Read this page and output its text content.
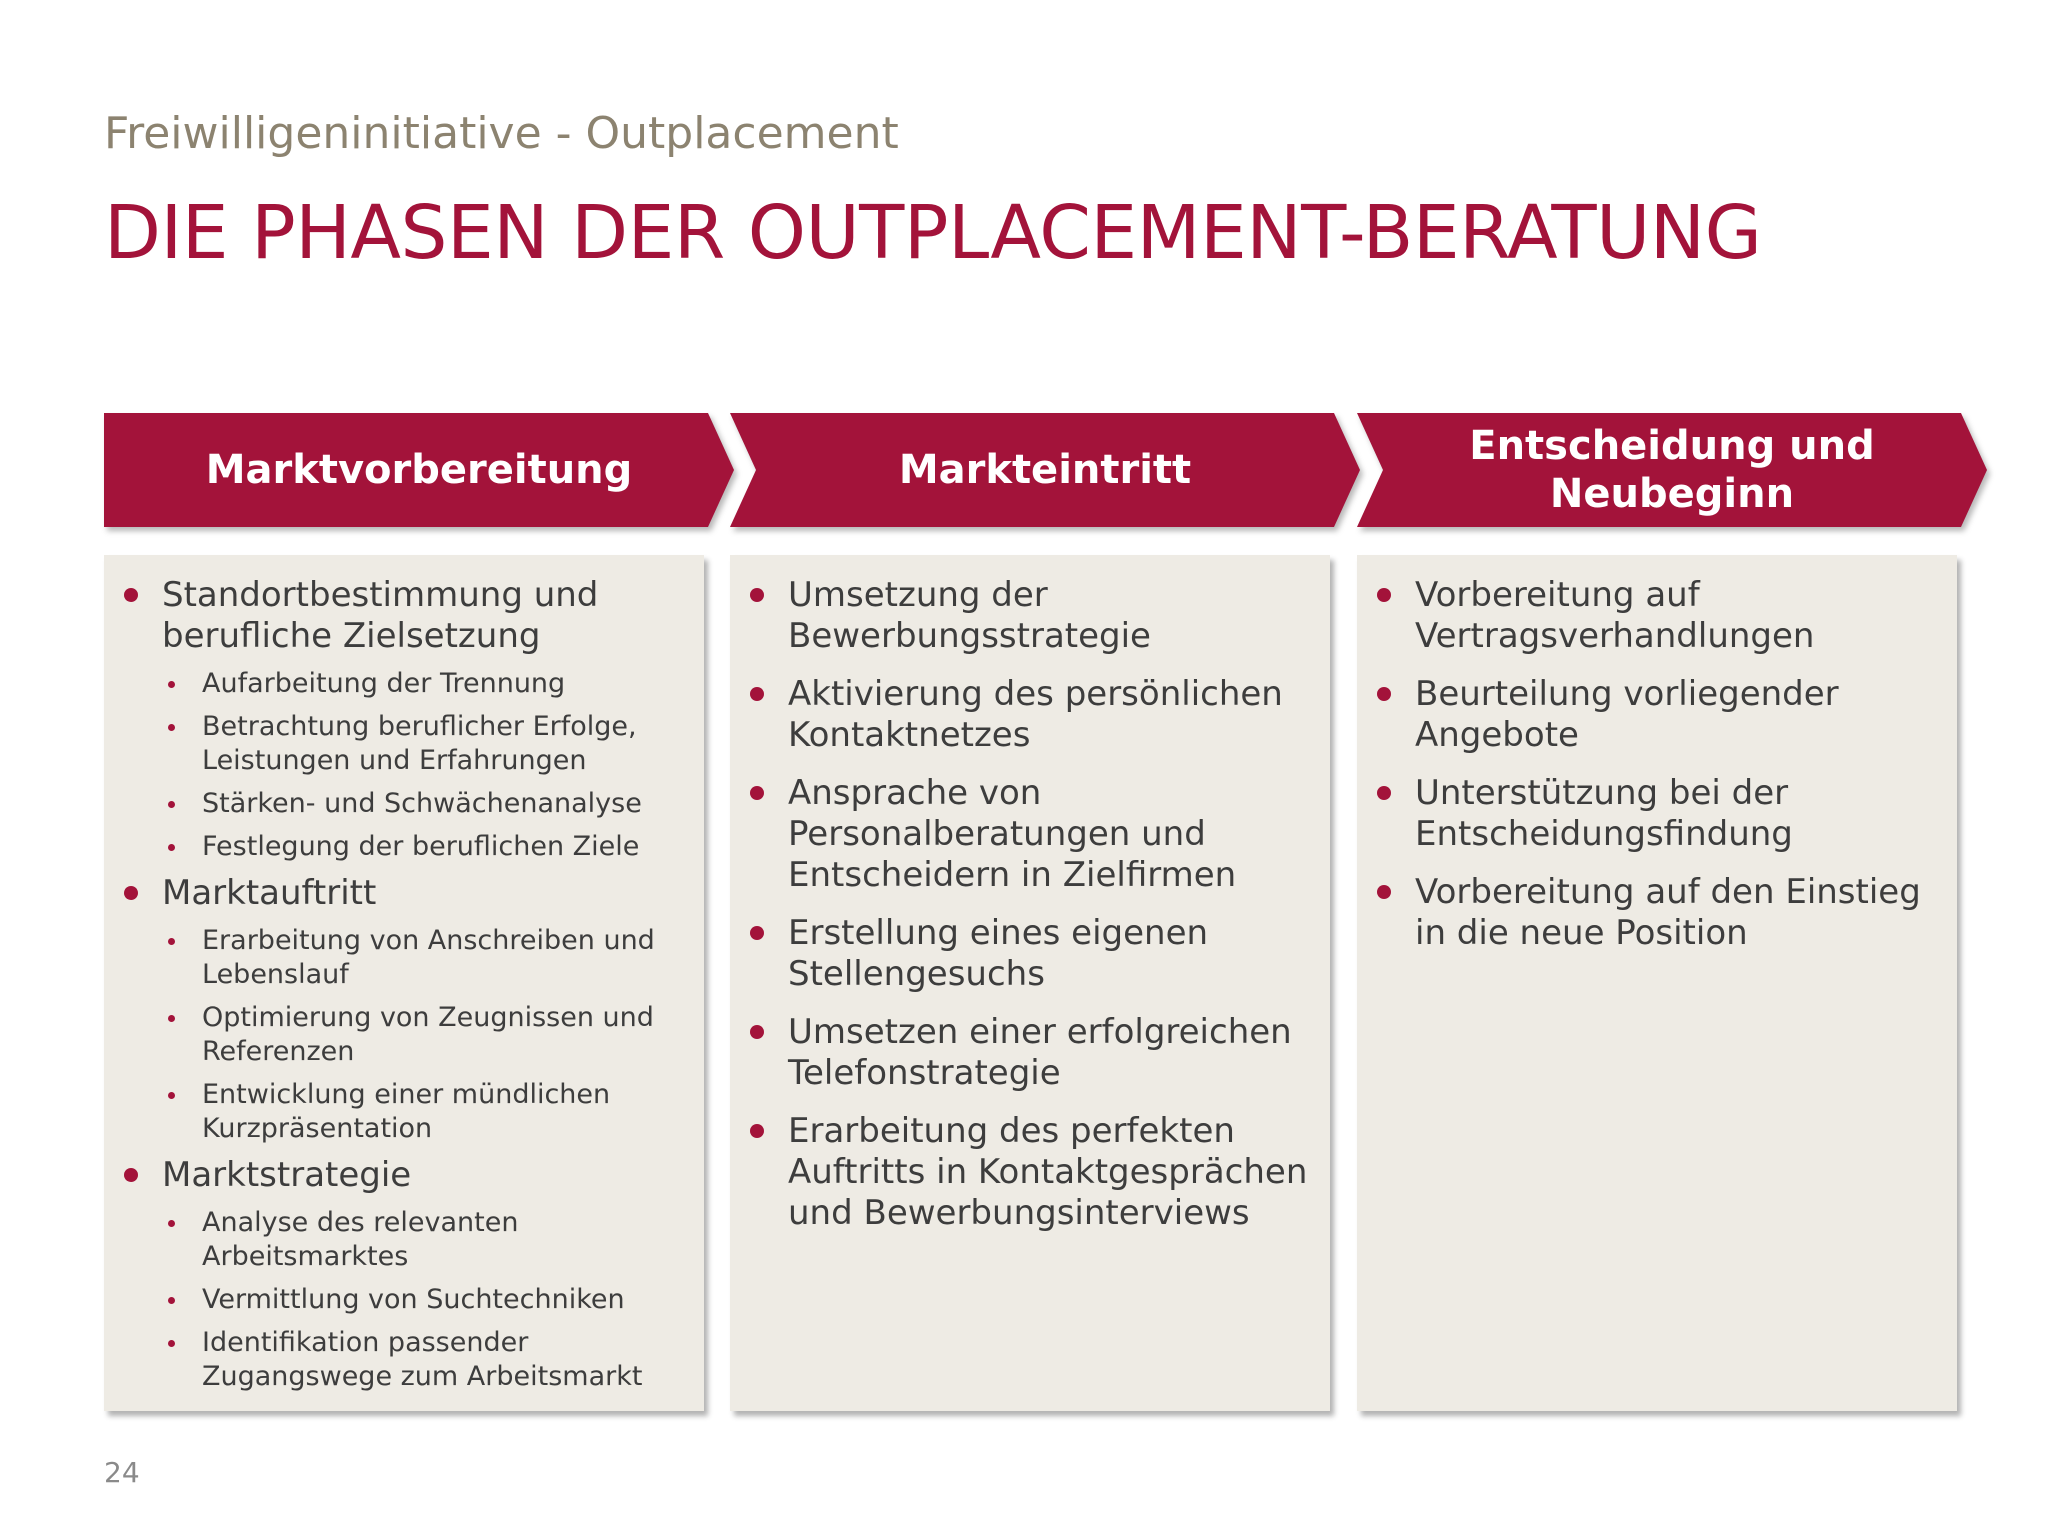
Freiwilligeninitiative - Outplacement
DIE PHASEN DER OUTPLACEMENT-BERATUNG
Marktvorbereitung
Standortbestimmung und berufliche Zielsetzung
Aufarbeitung der Trennung
Betrachtung beruflicher Erfolge, Leistungen und Erfahrungen
Stärken- und Schwächenanalyse
Festlegung der beruflichen Ziele
Marktauftritt
Erarbeitung von Anschreiben und Lebenslauf
Optimierung von Zeugnissen und Referenzen
Entwicklung einer mündlichen Kurzpräsentation
Marktstrategie
Analyse des relevanten Arbeitsmarktes
Vermittlung von Suchtechniken
Identifikation passender Zugangswege zum Arbeitsmarkt
Markteintritt
Umsetzung der Bewerbungsstrategie
Aktivierung des persönlichen Kontaktnetzes
Ansprache von Personalberatungen und Entscheidern in Zielfirmen
Erstellung eines eigenen Stellengesuchs
Umsetzen einer erfolgreichen Telefonstrategie
Erarbeitung des perfekten Auftritts in Kontaktgesprächen und Bewerbungsinterviews
Entscheidung und Neubeginn
Vorbereitung auf Vertragsverhandlungen
Beurteilung vorliegender Angebote
Unterstützung bei der Entscheidungsfindung
Vorbereitung auf den Einstieg in die neue Position
24
